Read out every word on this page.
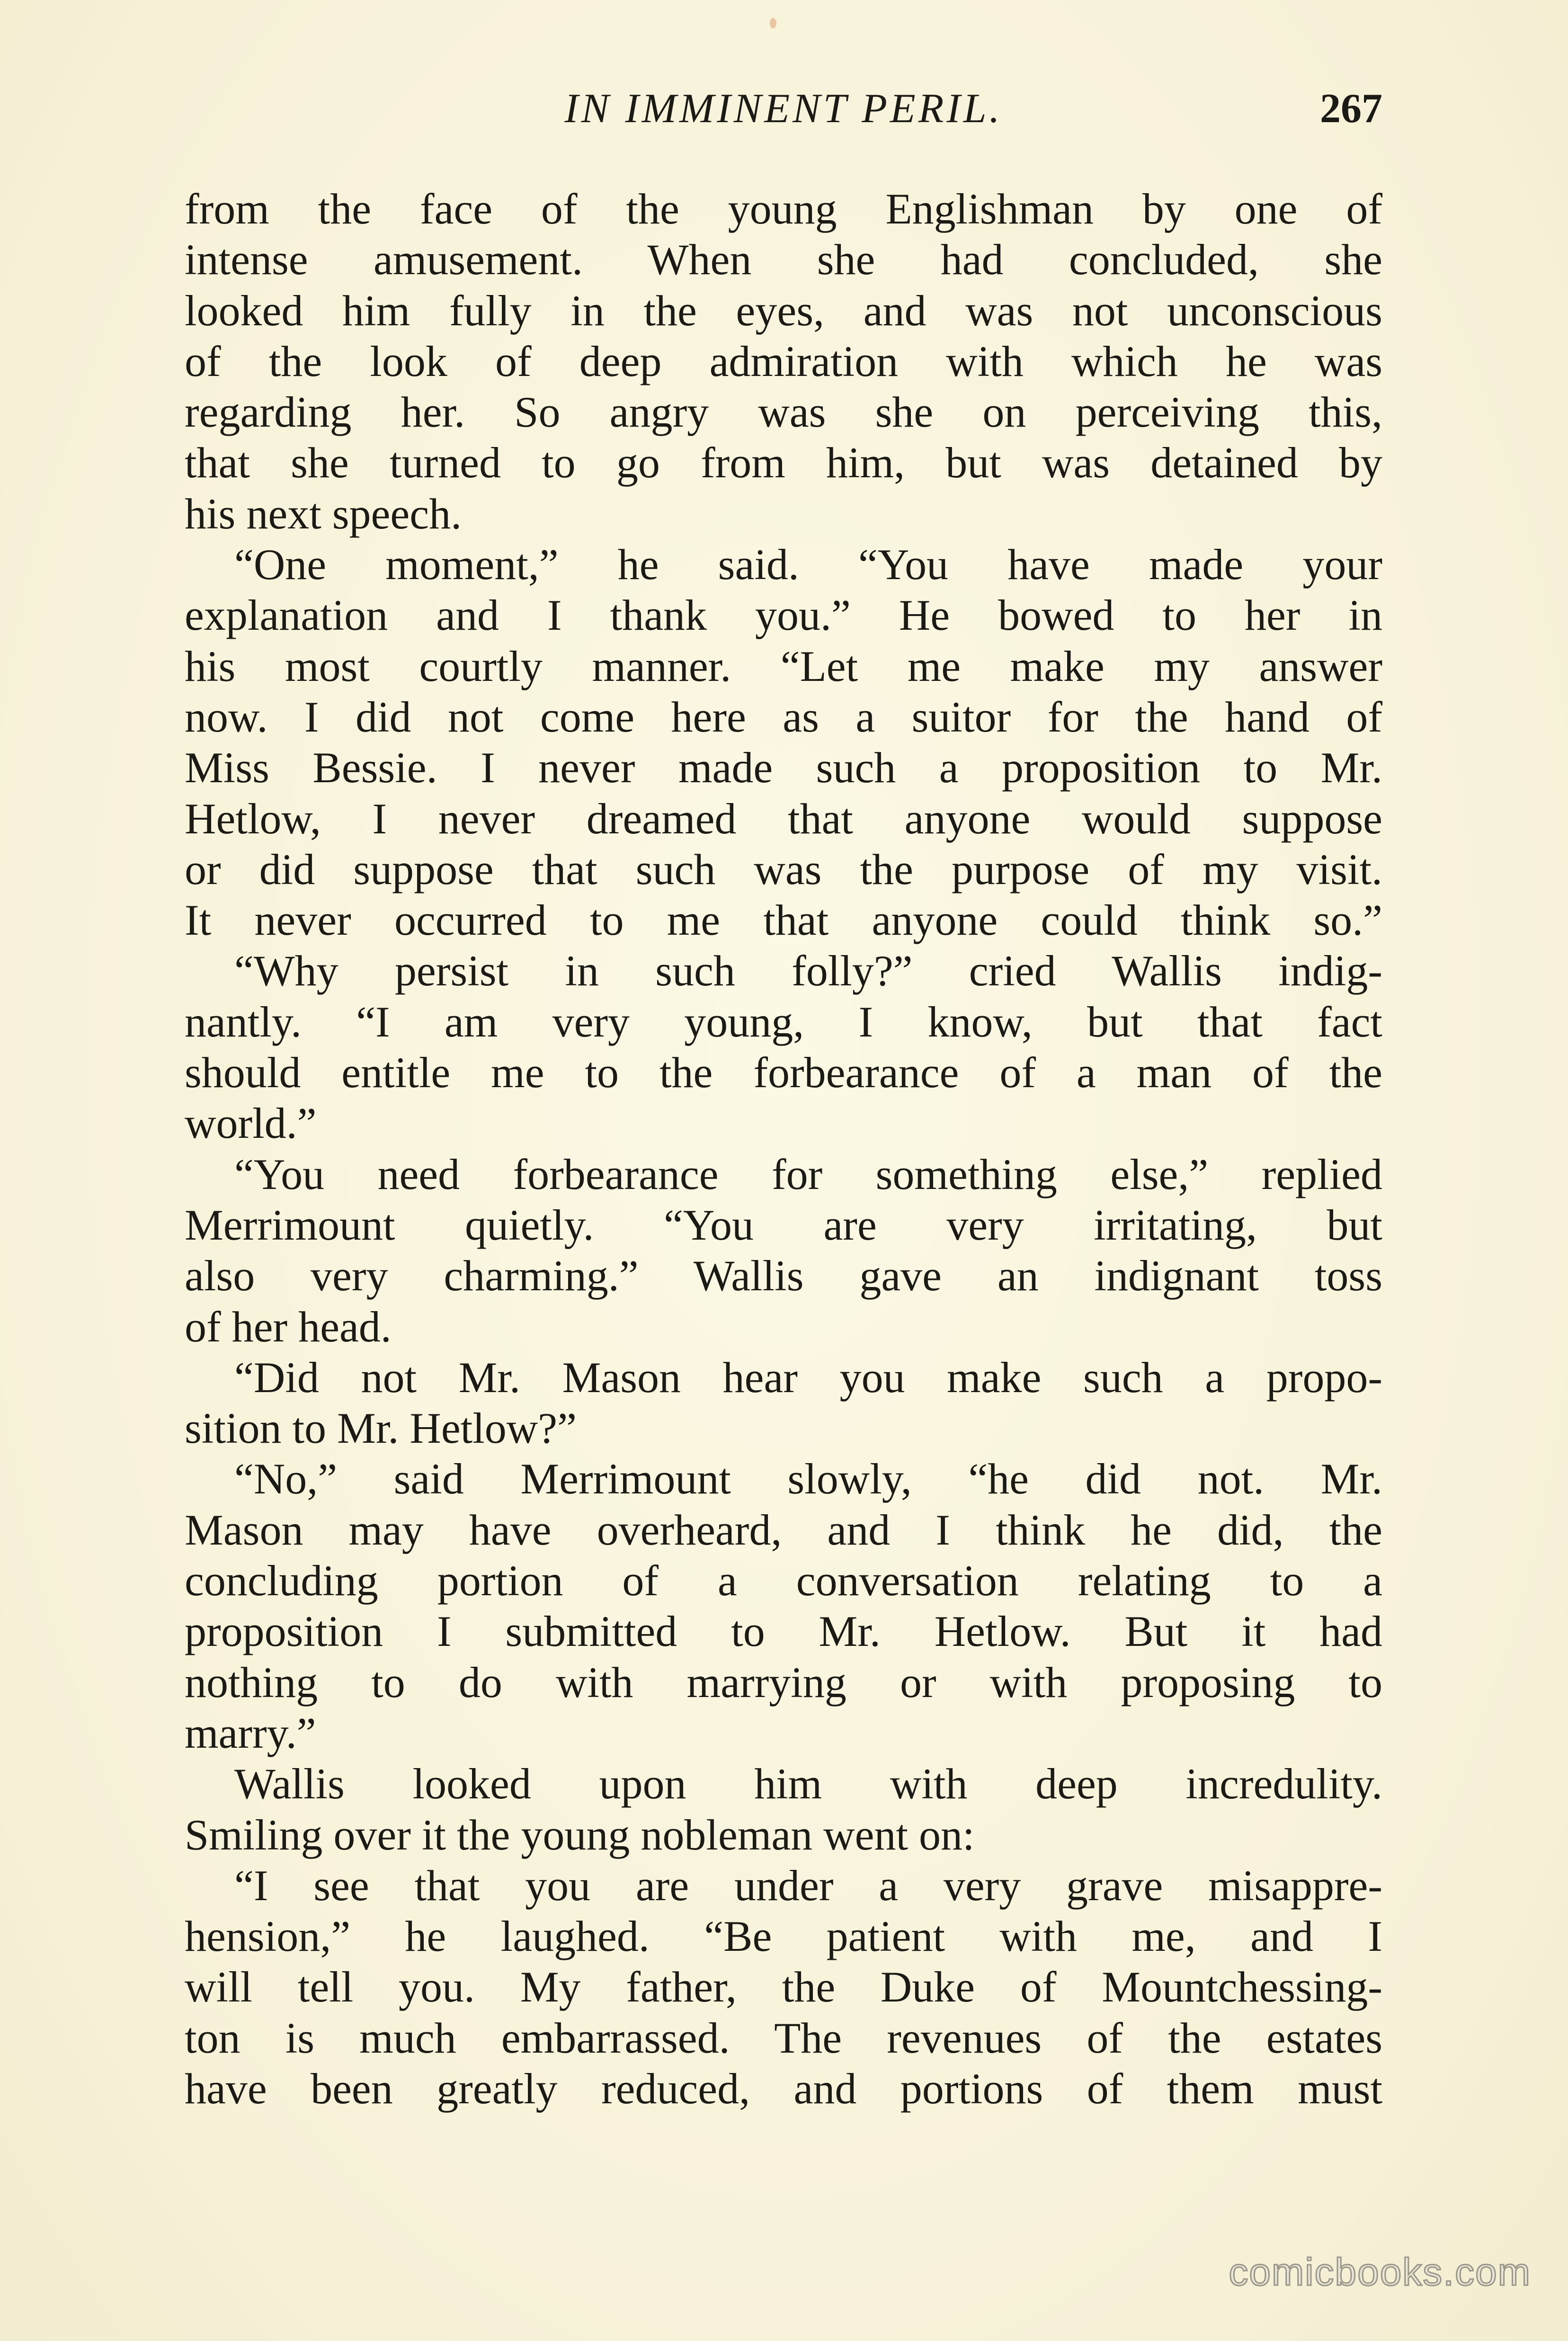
IN IMMINENT PERIL.	267
from the face of the young Englishman by one of
intense amusement. When she had concluded, she
looked him fully in the eyes, and was not unconscious
of the look of deep admiration with which he was
regarding her. So angry was she on perceiving this,
that she turned to go from him, but was detained by
his next speech.
“One moment,” he said. “You have made your
explanation and I thank you.” He bowed to her in
his most courtly manner. “Let me make my answer
now. I did not come here as a suitor for the hand of
Miss Bessie. I never made such a proposition to Mr.
Hetlow, I never dreamed that anyone would suppose
or did suppose that such was the purpose of my visit.
It never occurred to me that anyone could think so.”
“Why persist in such folly?” cried Wallis indig-
nantly. “I am very young, I know, but that fact
should entitle me to the forbearance of a man of the
world.”
“You need forbearance for something else,” replied
Merrimount quietly. “You are very irritating, but
also very charming.” Wallis gave an indignant toss
of her head.
“Did not Mr. Mason hear you make such a propo-
sition to Mr. Hetlow?”
“No,” said Merrimount slowly, “he did not. Mr.
Mason may have overheard, and I think he did, the
concluding portion of a conversation relating to a
proposition I submitted to Mr. Hetlow. But it had
nothing to do with marrying or with proposing to
marry.”
Wallis looked upon him with deep incredulity.
Smiling over it the young nobleman went on:
“I see that you are under a very grave misappre-
hension,” he laughed. “Be patient with me, and I
will tell you. My father, the Duke of Mountchessing-
ton is much embarrassed. The revenues of the estates
have been greatly reduced, and portions of them must
comicbooks.com
